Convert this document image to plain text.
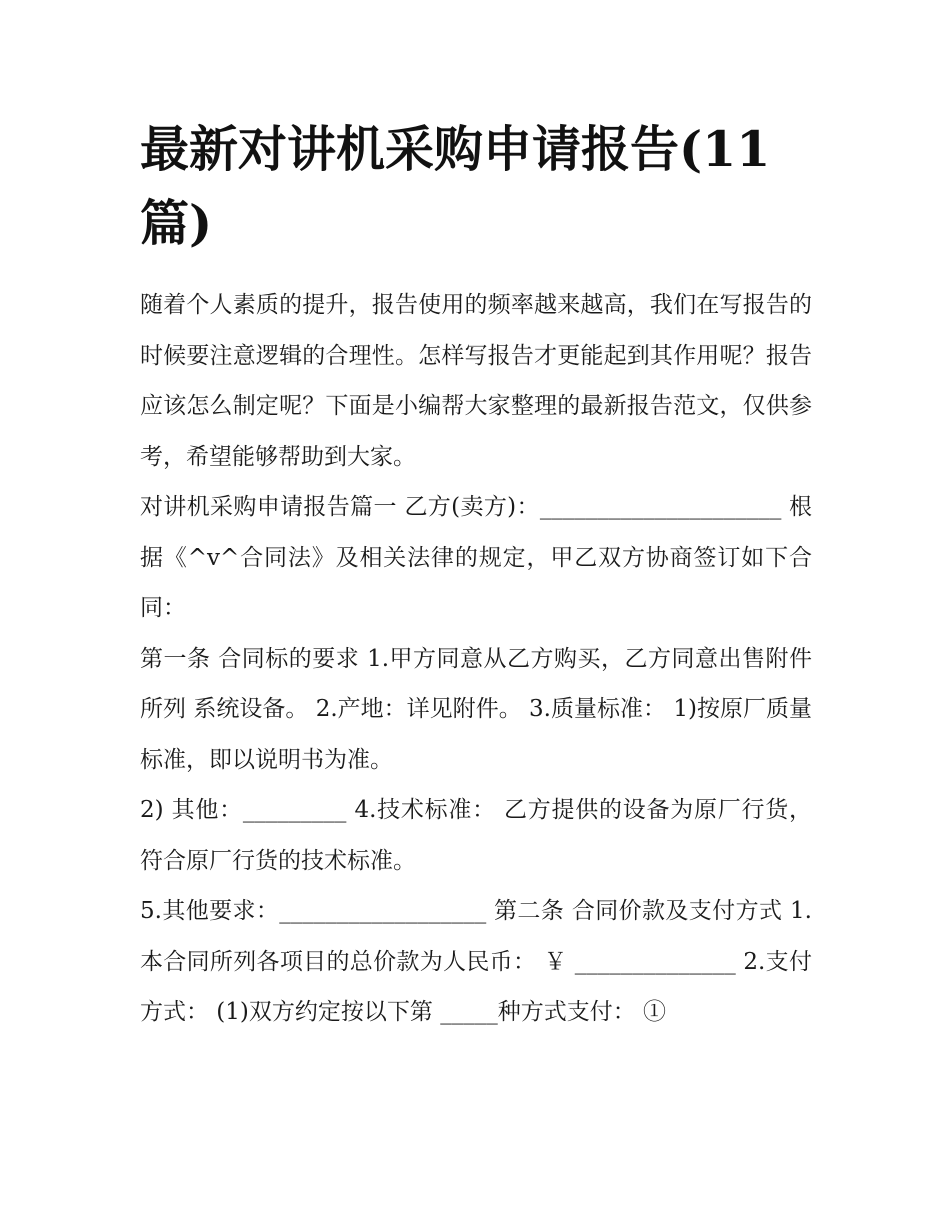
最新对讲机采购申请报告(11篇)

随着个人素质的提升，报告使用的频率越来越高，我们在写报告的时候要注意逻辑的合理性。怎样写报告才更能起到其作用呢？报告应该怎么制定呢？下面是小编帮大家整理的最新报告范文，仅供参考，希望能够帮助到大家。

对讲机采购申请报告篇一 乙方(卖方)：_____________________ 根据《^v^合同法》及相关法律的规定，甲乙双方协商签订如下合同：

第一条 合同标的要求 1.甲方同意从乙方购买，乙方同意出售附件所列 系统设备。 2.产地：详见附件。 3.质量标准： 1)按原厂质量标准，即以说明书为准。

2) 其他：_________ 4.技术标准： 乙方提供的设备为原厂行货，符合原厂行货的技术标准。

5.其他要求：__________________ 第二条 合同价款及支付方式 1.本合同所列各项目的总价款为人民币： ￥ ______________ 2.支付方式： (1)双方约定按以下第 _____种方式支付： ①
